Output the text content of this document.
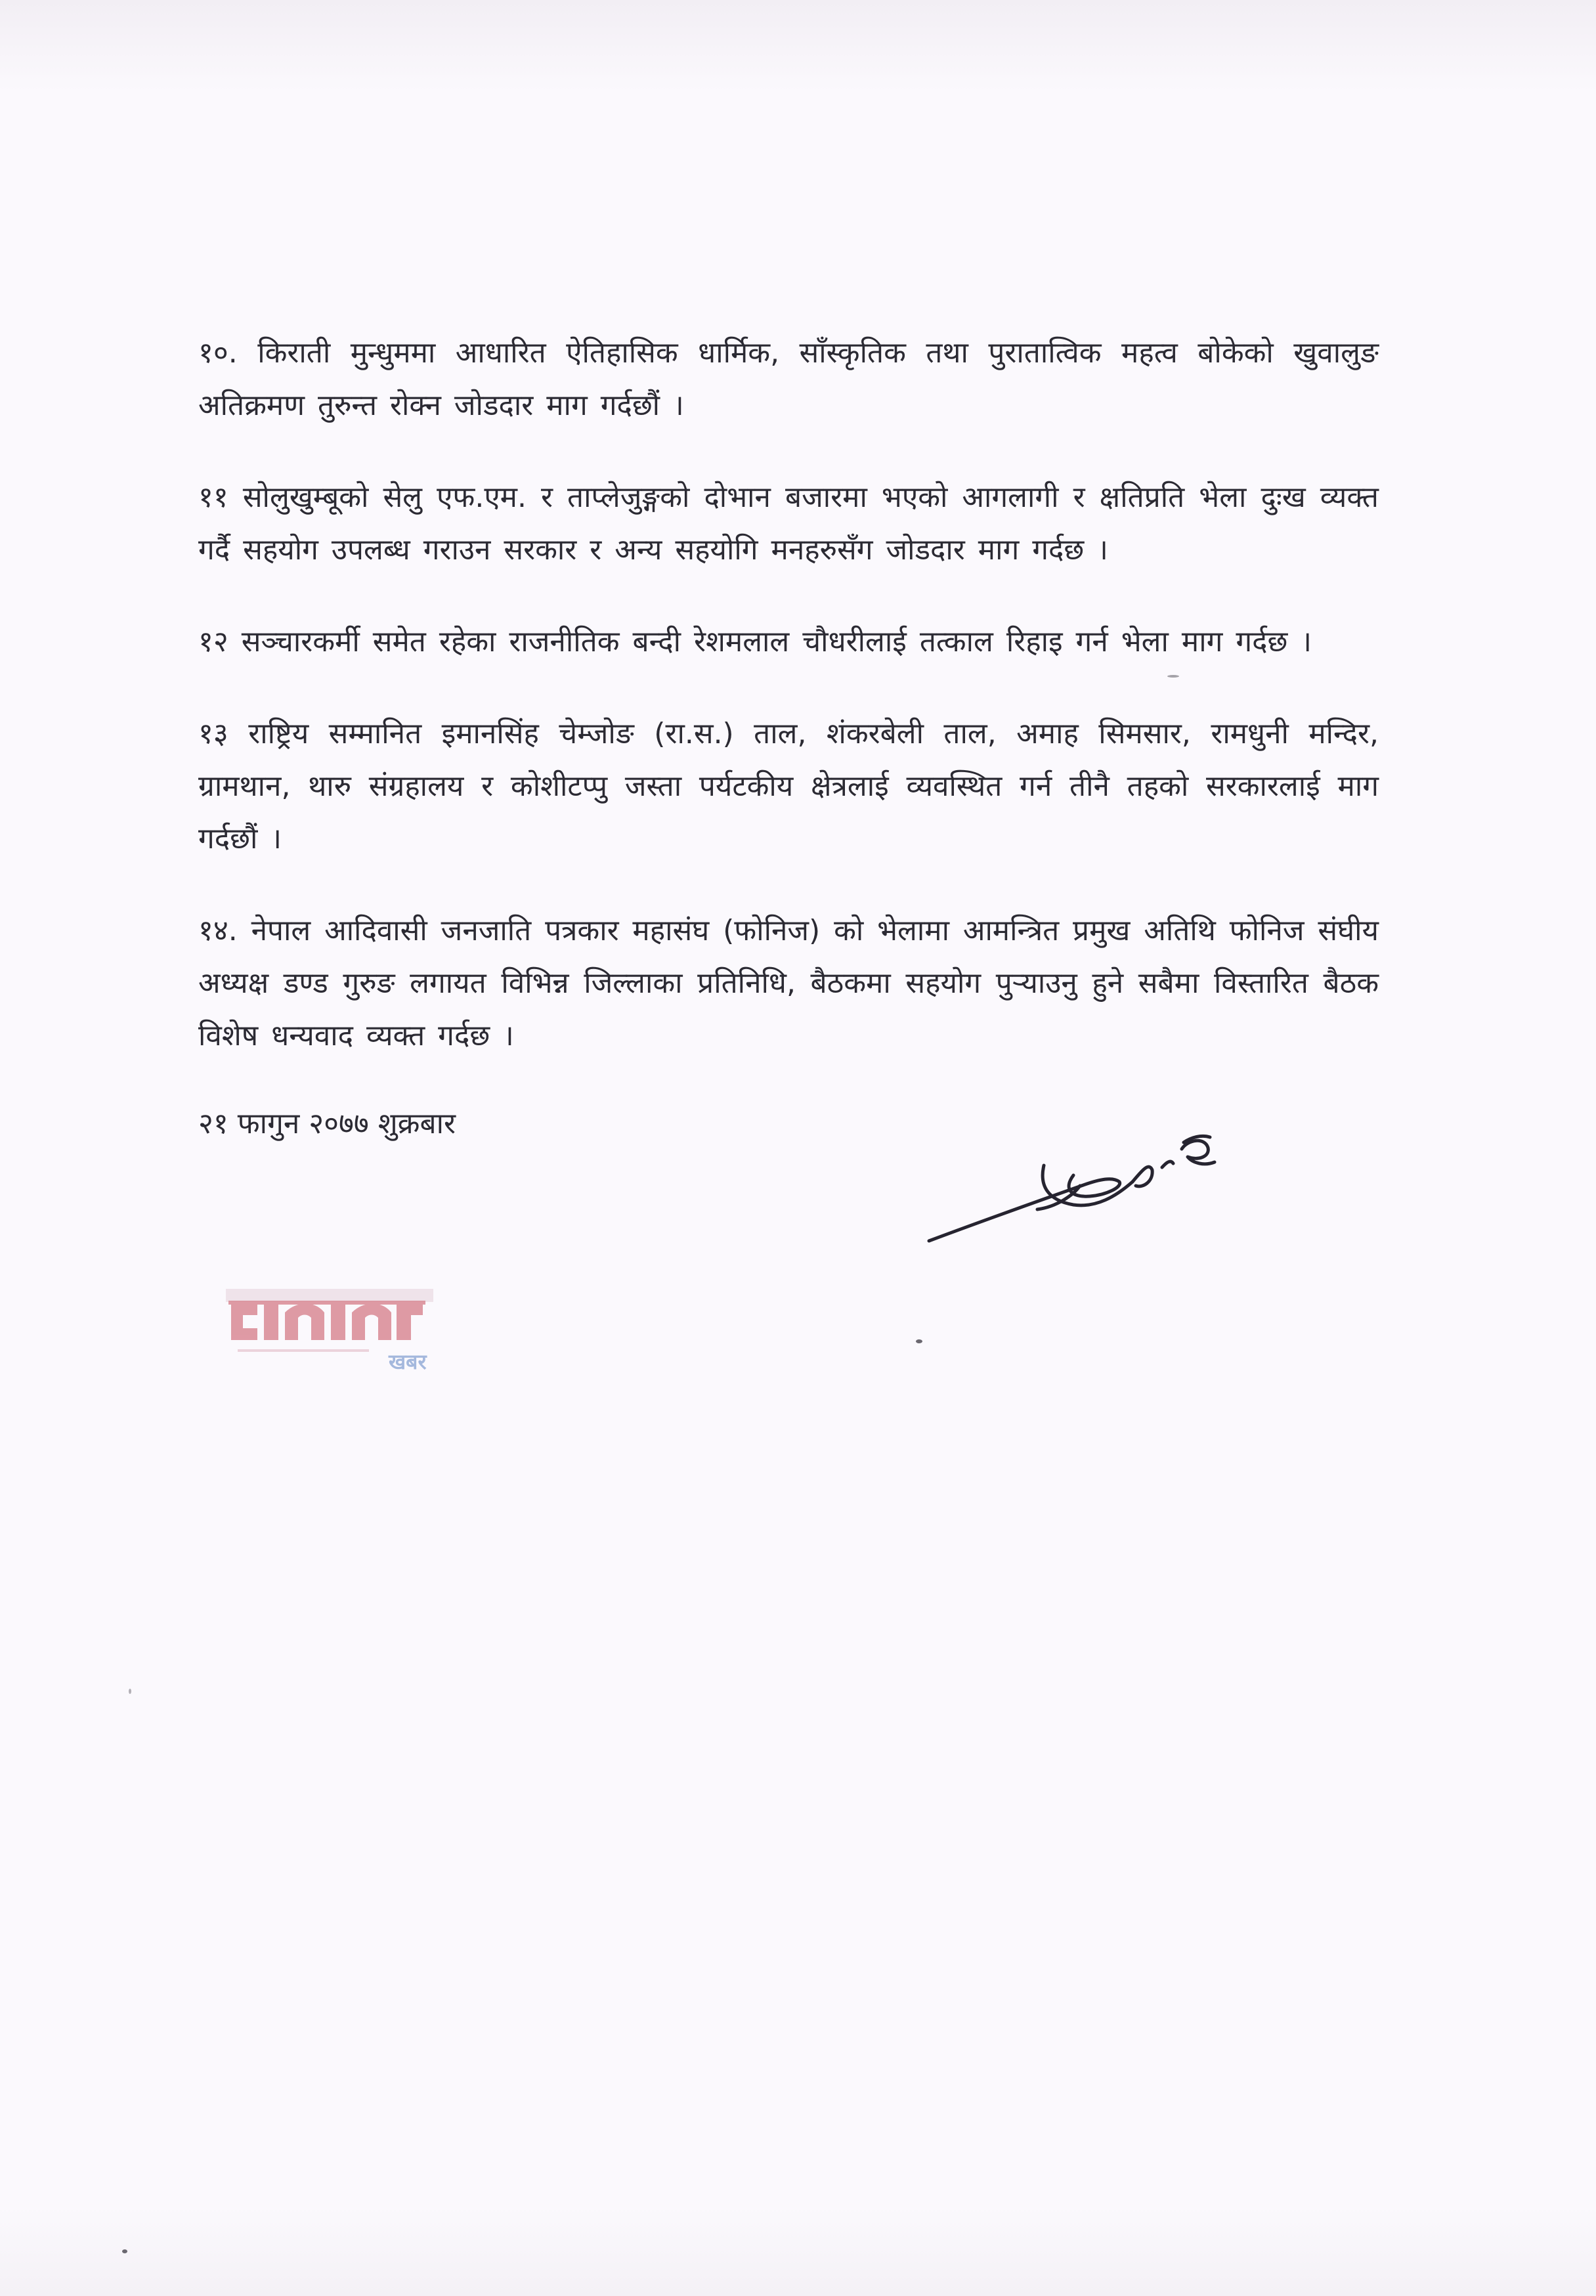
१०. किराती मुन्धुममा आधारित ऐतिहासिक धार्मिक, साँस्कृतिक तथा पुरातात्विक महत्व बोकेको खुवालुङ अतिक्रमण तुरुन्त रोक्न जोडदार माग गर्दछौं ।

११ सोलुखुम्बूको सेलु एफ.एम. र ताप्लेजुङ्गको दोभान बजारमा भएको आगलागी र क्षतिप्रति भेला दुःख व्यक्त गर्दै सहयोग उपलब्ध गराउन सरकार र अन्य सहयोगि मनहरुसँग जोडदार माग गर्दछ ।

१२ सञ्चारकर्मी समेत रहेका राजनीतिक बन्दी रेशमलाल चौधरीलाई तत्काल रिहाइ गर्न भेला माग गर्दछ ।

१३ राष्ट्रिय सम्मानित इमानसिंह चेम्जोङ (रा.स.) ताल, शंकरबेली ताल, अमाह सिमसार, रामधुनी मन्दिर, ग्रामथान, थारु संग्रहालय र कोशीटप्पु जस्ता पर्यटकीय क्षेत्रलाई व्यवस्थित गर्न तीनै तहको सरकारलाई माग गर्दछौं ।

१४. नेपाल आदिवासी जनजाति पत्रकार महासंघ (फोनिज) को भेलामा आमन्त्रित प्रमुख अतिथि फोनिज संघीय अध्यक्ष डण्ड गुरुङ लगायत विभिन्न जिल्लाका प्रतिनिधि, बैठकमा सहयोग पुऱ्याउनु हुने सबैमा विस्तारित बैठक विशेष धन्यवाद व्यक्त गर्दछ ।

२१ फागुन २०७७ शुक्रबार
खबर
